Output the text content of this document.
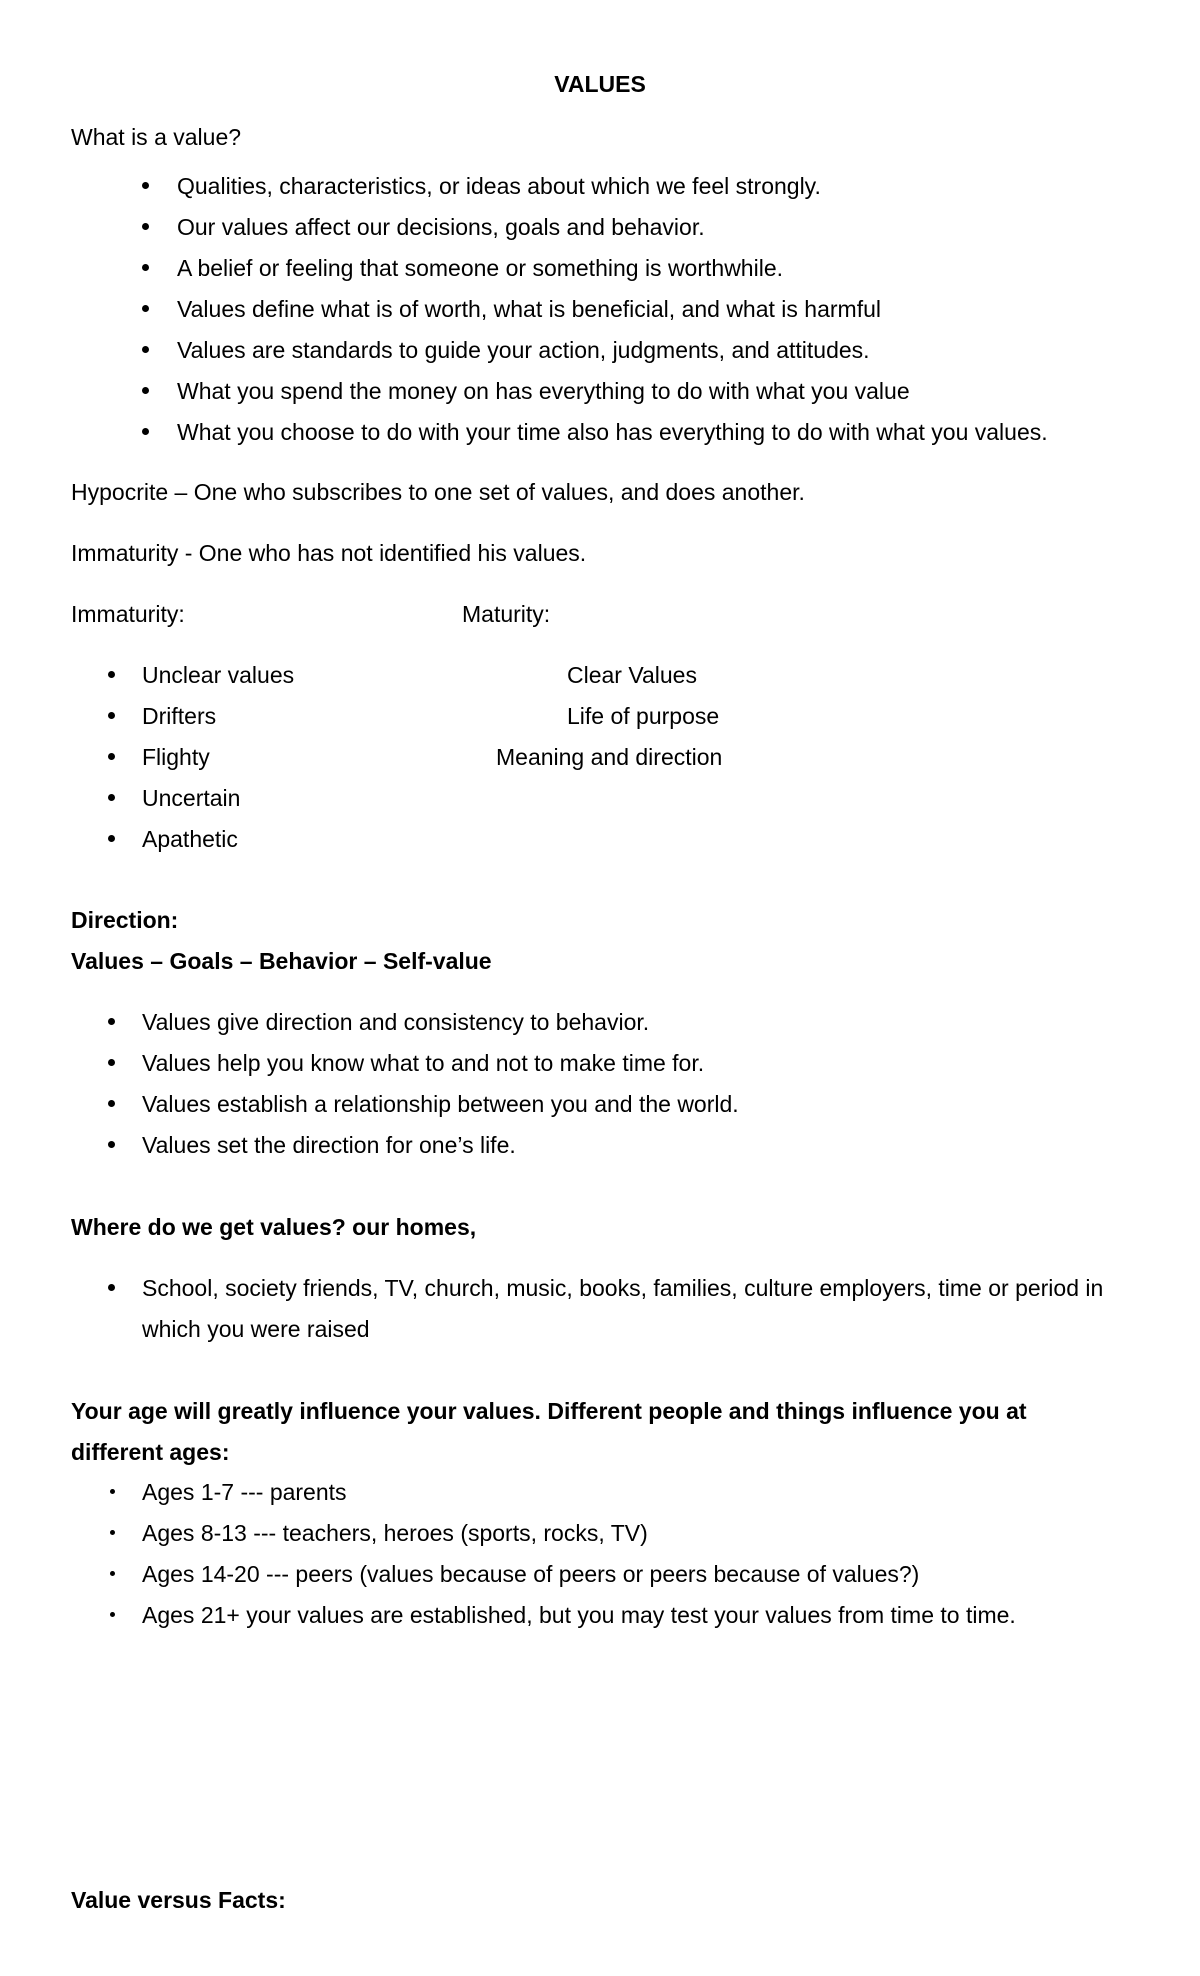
VALUES
What is a value?
Qualities, characteristics, or ideas about which we feel strongly.
Our values affect our decisions, goals and behavior.
A belief or feeling that someone or something is worthwhile.
Values define what is of worth, what is beneficial, and what is harmful
Values are standards to guide your action, judgments, and attitudes.
What you spend the money on has everything to do with what you value
What you choose to do with your time also has everything to do with what you values.
Hypocrite – One who subscribes to one set of values, and does another.
Immaturity - One who has not identified his values.
Immaturity:	Maturity:
Unclear values
Drifters
Flighty
Uncertain
Apathetic
Clear Values
Life of purpose
Meaning and direction
Direction:
Values – Goals – Behavior – Self-value
Values give direction and consistency to behavior.
Values help you know what to and not to make time for.
Values establish a relationship between you and the world.
Values set the direction for one’s life.
Where do we get values? our homes,
School, society friends, TV, church, music, books, families, culture employers, time or period in
which you were raised
Your age will greatly influence your values. Different people and things influence you at
different ages:
Ages 1-7 --- parents
Ages 8-13 --- teachers, heroes (sports, rocks, TV)
Ages 14-20 --- peers (values because of peers or peers because of values?)
Ages 21+ your values are established, but you may test your values from time to time.
Value versus Facts:
